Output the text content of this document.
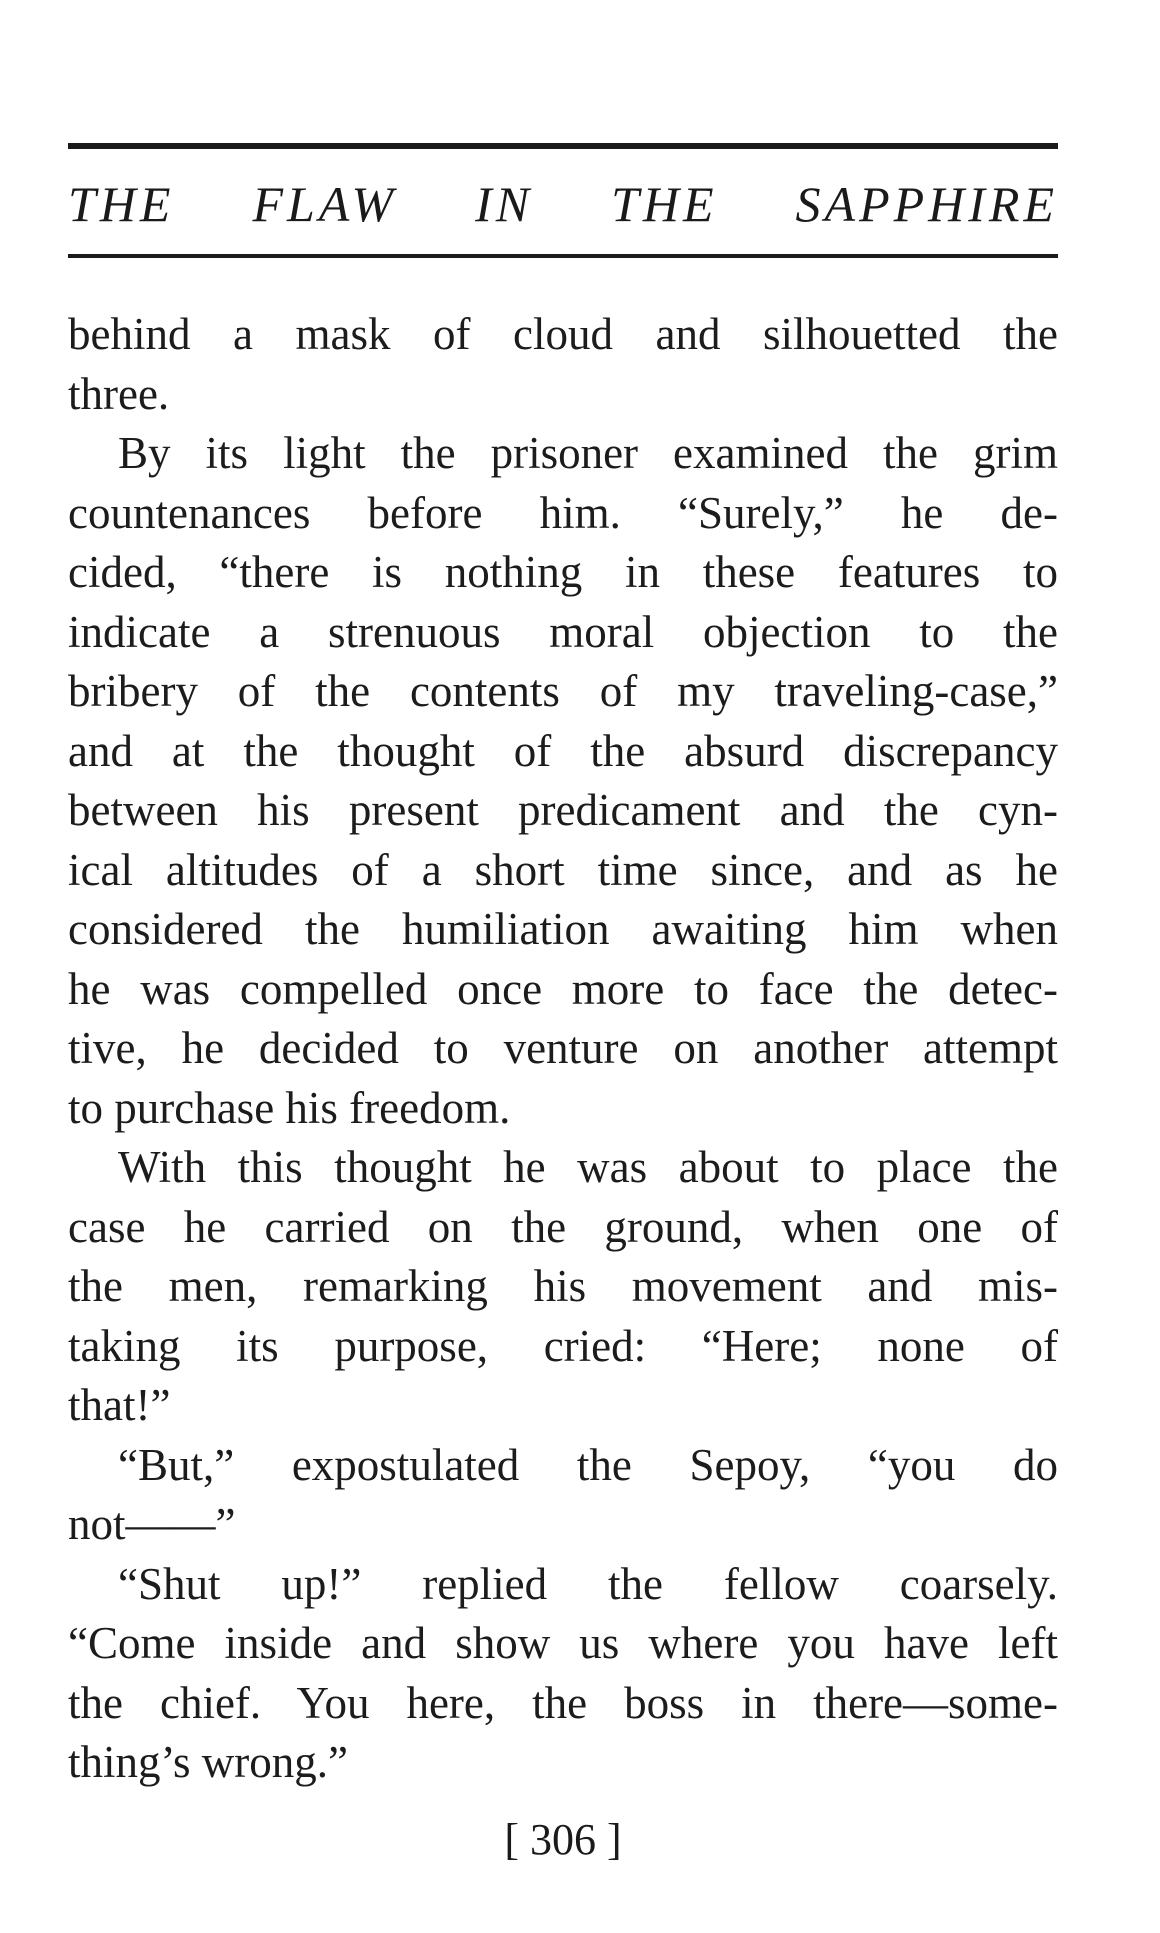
THE FLAW IN THE SAPPHIRE
behind a mask of cloud and silhouetted the
three.
By its light the prisoner examined the grim
countenances before him. “Surely,” he de-
cided, “there is nothing in these features to
indicate a strenuous moral objection to the
bribery of the contents of my traveling-case,”
and at the thought of the absurd discrepancy
between his present predicament and the cyn-
ical altitudes of a short time since, and as he
considered the humiliation awaiting him when
he was compelled once more to face the detec-
tive, he decided to venture on another attempt
to purchase his freedom.
With this thought he was about to place the
case he carried on the ground, when one of
the men, remarking his movement and mis-
taking its purpose, cried: “Here; none of
that!”
“But,” expostulated the Sepoy, “you do
not——”
“Shut up!” replied the fellow coarsely.
“Come inside and show us where you have left
the chief. You here, the boss in there—some-
thing’s wrong.”
[ 306 ]
